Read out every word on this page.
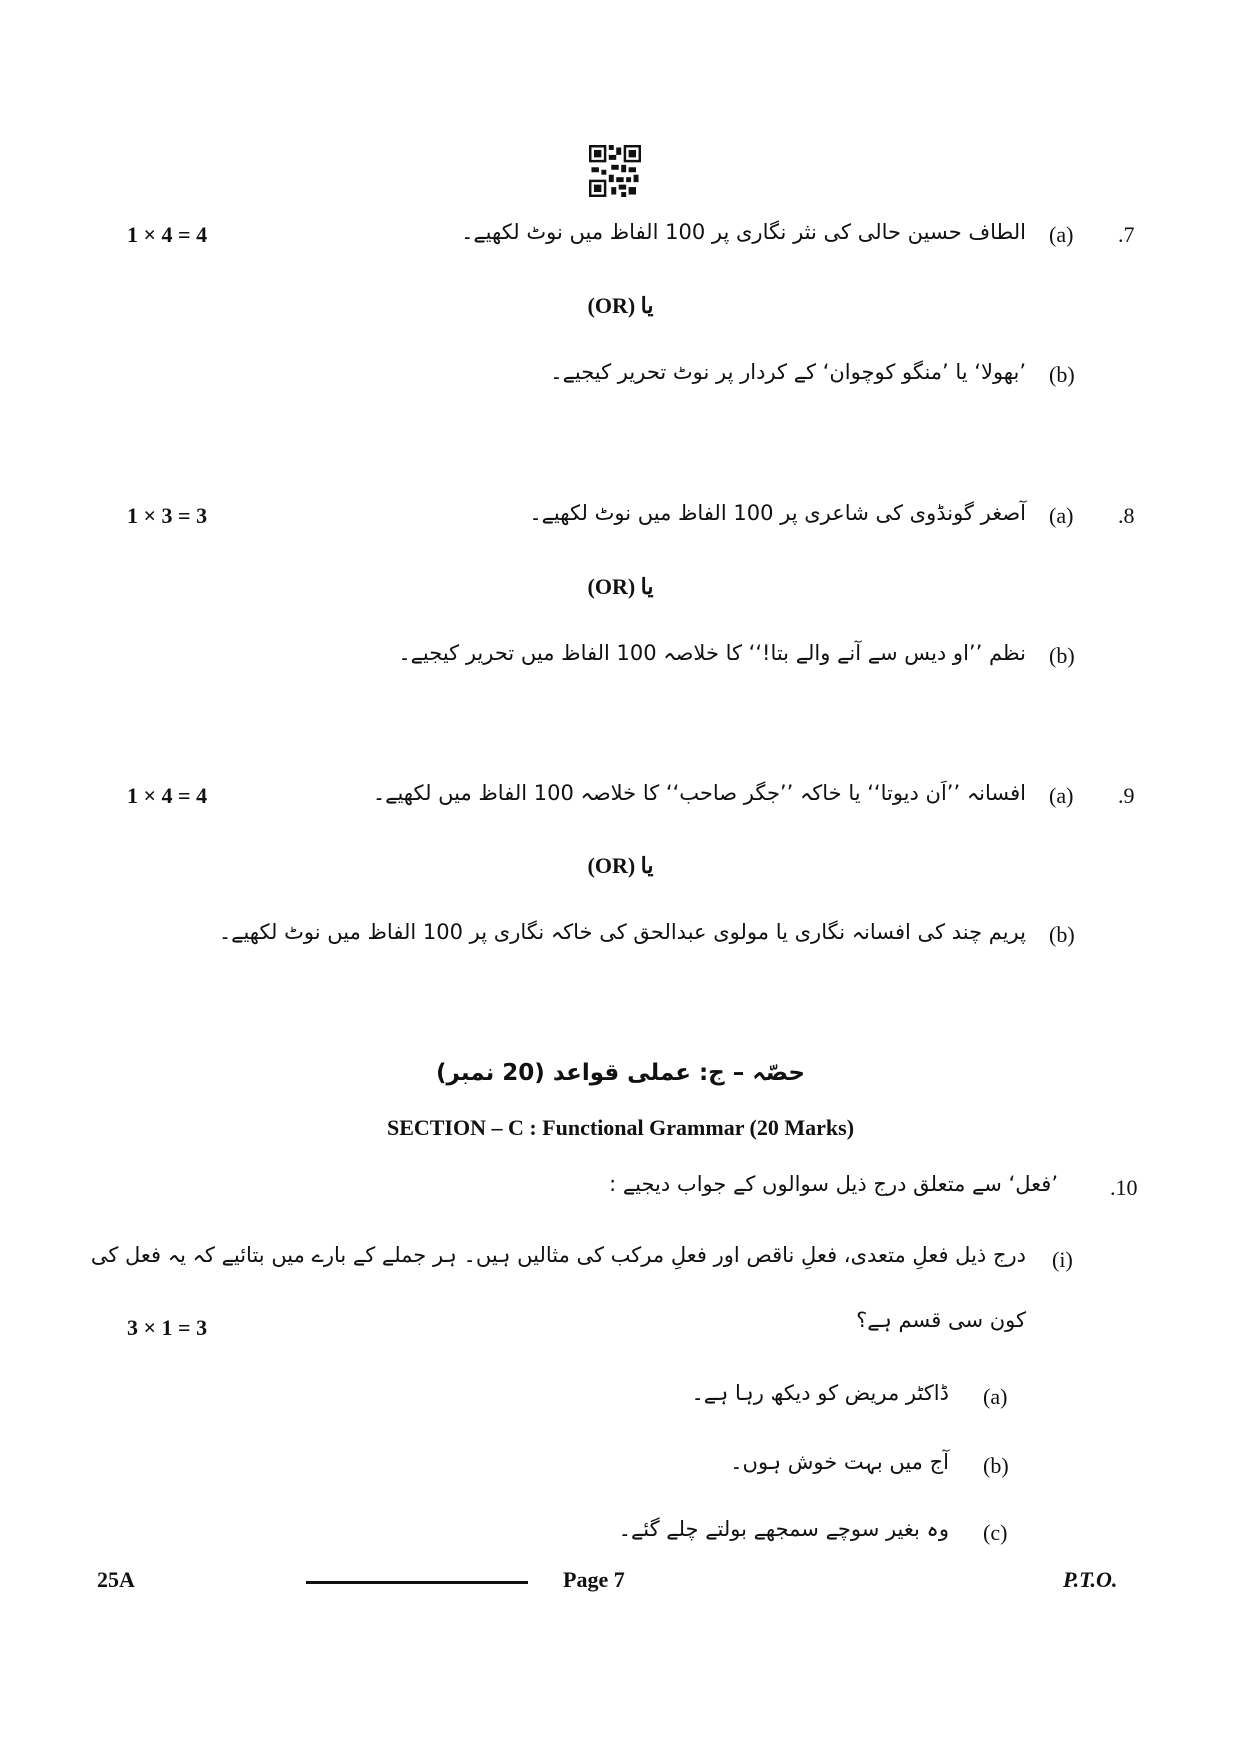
1 × 4 = 4	.7
(a)
الطاف حسین حالی کی نثر نگاری پر 100 الفاظ میں نوٹ لکھیے۔
(OR) یا
(b)
’بھولا‘ یا ’منگو کوچوان‘ کے کردار پر نوٹ تحریر کیجیے۔
1 × 3 = 3	.8
(a)
آصغر گونڈوی کی شاعری پر 100 الفاظ میں نوٹ لکھیے۔
(OR) یا
(b)
نظم ’’او دیس سے آنے والے بتا!‘‘ کا خلاصہ 100 الفاظ میں تحریر کیجیے۔
1 × 4 = 4	.9
(a)
افسانہ ’’اَن دیوتا‘‘ یا خاکہ ’’جگر صاحب‘‘ کا خلاصہ 100 الفاظ میں لکھیے۔
(OR) یا
(b)
پریم چند کی افسانہ نگاری یا مولوی عبدالحق کی خاکہ نگاری پر 100 الفاظ میں نوٹ لکھیے۔
حصّہ – ج: عملی قواعد (20 نمبر)
SECTION – C : Functional Grammar (20 Marks)
.10
’فعل‘ سے متعلق درج ذیل سوالوں کے جواب دیجیے :
(i)
درج ذیل فعلِ متعدی، فعلِ ناقص اور فعلِ مرکب کی مثالیں ہیں۔ ہر جملے کے بارے میں بتائیے کہ یہ فعل کی
کون سی قسم ہے؟
3 × 1 = 3
(a)
ڈاکٹر مریض کو دیکھ رہا ہے۔
(b)
آج میں بہت خوش ہوں۔
(c)
وہ بغیر سوچے سمجھے بولتے چلے گئے۔
25A	Page 7	P.T.O.
